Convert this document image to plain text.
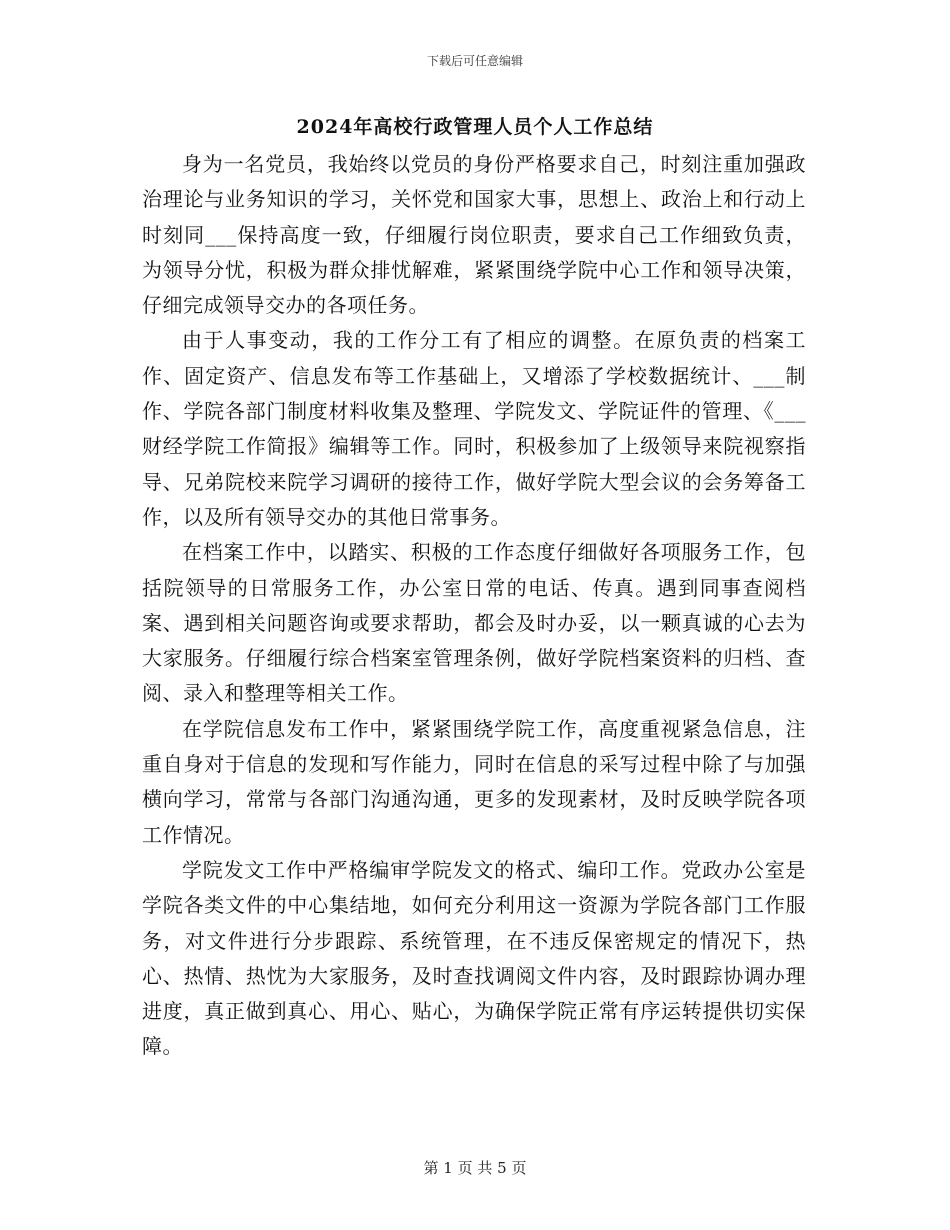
下载后可任意编辑
2024年高校行政管理人员个人工作总结

身为一名党员，我始终以党员的身份严格要求自己，时刻注重加强政治理论与业务知识的学习，关怀党和国家大事，思想上、政治上和行动上时刻同___保持高度一致，仔细履行岗位职责，要求自己工作细致负责，为领导分忧，积极为群众排忧解难，紧紧围绕学院中心工作和领导决策，仔细完成领导交办的各项任务。

由于人事变动，我的工作分工有了相应的调整。在原负责的档案工作、固定资产、信息发布等工作基础上，又增添了学校数据统计、___制作、学院各部门制度材料收集及整理、学院发文、学院证件的管理、《___财经学院工作简报》编辑等工作。同时，积极参加了上级领导来院视察指导、兄弟院校来院学习调研的接待工作，做好学院大型会议的会务筹备工作，以及所有领导交办的其他日常事务。

在档案工作中，以踏实、积极的工作态度仔细做好各项服务工作，包括院领导的日常服务工作，办公室日常的电话、传真。遇到同事查阅档案、遇到相关问题咨询或要求帮助，都会及时办妥，以一颗真诚的心去为大家服务。仔细履行综合档案室管理条例，做好学院档案资料的归档、查阅、录入和整理等相关工作。

在学院信息发布工作中，紧紧围绕学院工作，高度重视紧急信息，注重自身对于信息的发现和写作能力，同时在信息的采写过程中除了与加强横向学习，常常与各部门沟通沟通，更多的发现素材，及时反映学院各项工作情况。

学院发文工作中严格编审学院发文的格式、编印工作。党政办公室是学院各类文件的中心集结地，如何充分利用这一资源为学院各部门工作服务，对文件进行分步跟踪、系统管理，在不违反保密规定的情况下，热心、热情、热忱为大家服务，及时查找调阅文件内容，及时跟踪协调办理进度，真正做到真心、用心、贴心，为确保学院正常有序运转提供切实保障。

第 1 页 共 5 页
